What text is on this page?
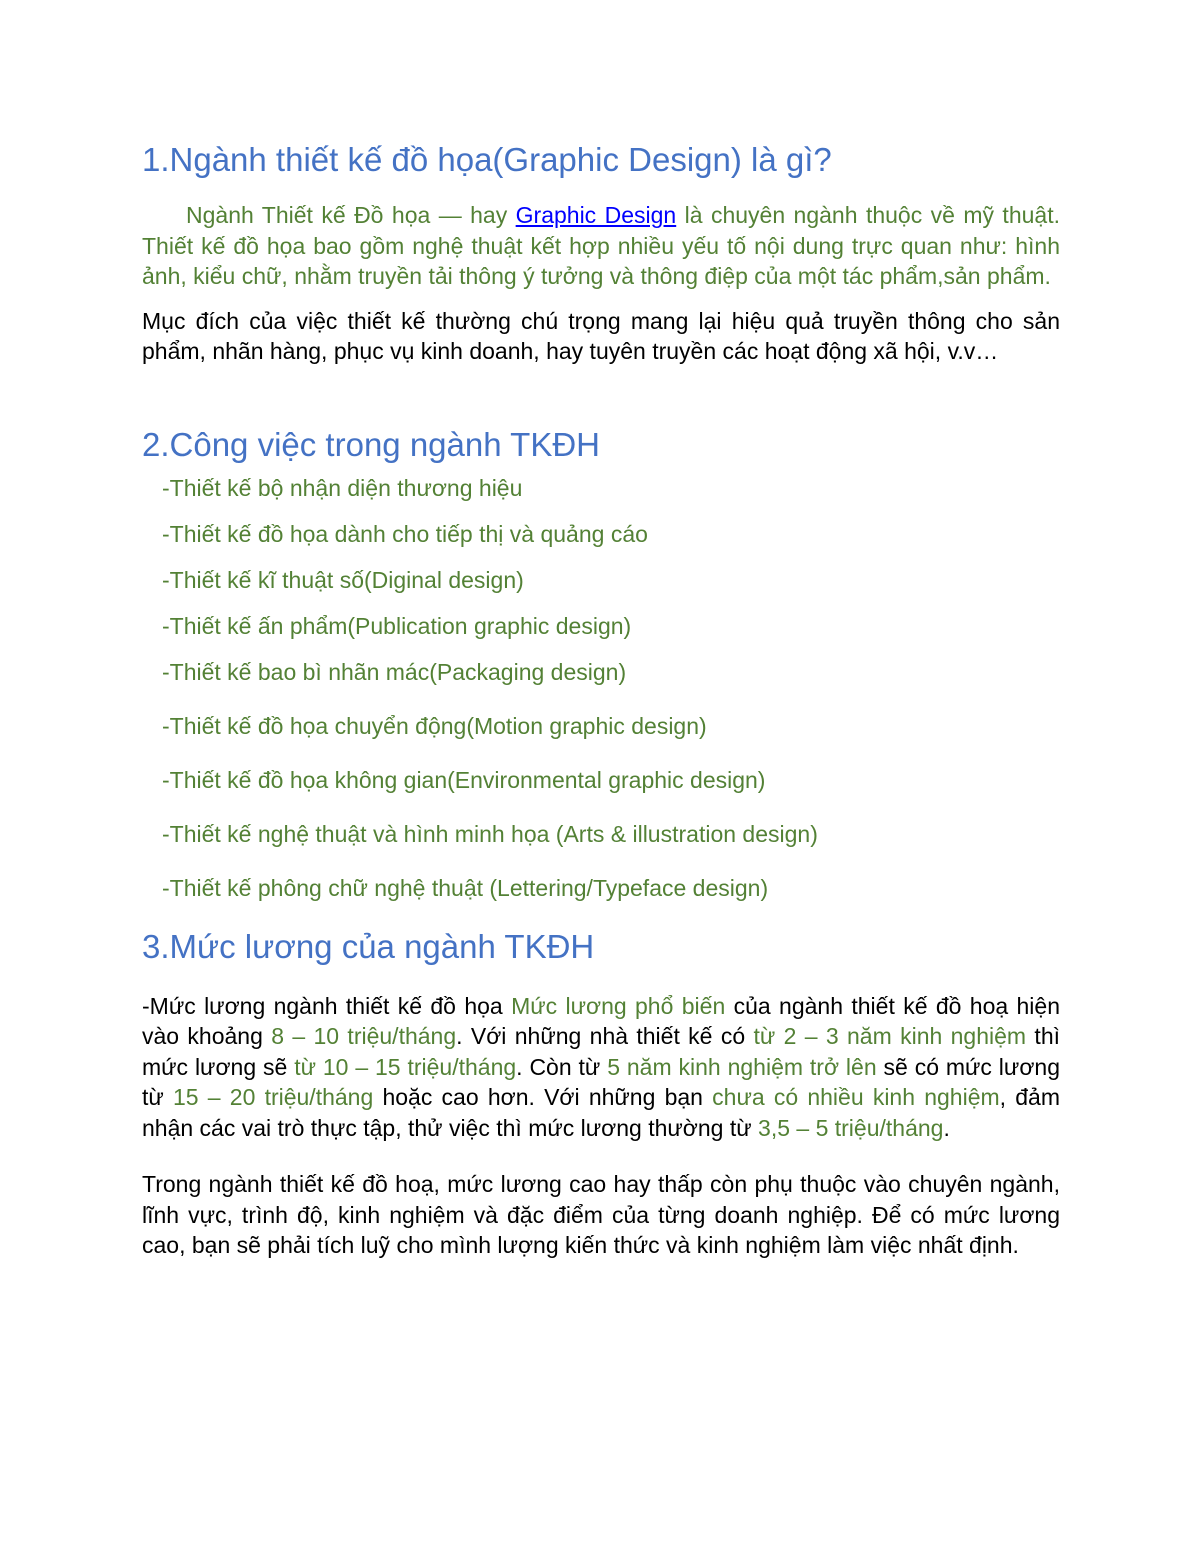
1.Ngành thiết kế đồ họa(Graphic Design) là gì?

Ngành Thiết kế Đồ họa — hay Graphic Design là chuyên ngành thuộc về mỹ thuật. Thiết kế đồ họa bao gồm nghệ thuật kết hợp nhiều yếu tố nội dung trực quan như: hình ảnh, kiểu chữ, nhằm truyền tải thông ý tưởng và thông điệp của một tác phẩm,sản phẩm.

Mục đích của việc thiết kế thường chú trọng mang lại hiệu quả truyền thông cho sản phẩm, nhãn hàng, phục vụ kinh doanh, hay tuyên truyền các hoạt động xã hội, v.v…

2.Công việc trong ngành TKĐH

-Thiết kế bộ nhận diện thương hiệu

-Thiết kế đồ họa dành cho tiếp thị và quảng cáo

-Thiết kế kĩ thuật số(Diginal design)

-Thiết kế ấn phẩm(Publication graphic design)

-Thiết kế bao bì nhãn mác(Packaging design)

-Thiết kế đồ họa chuyển động(Motion graphic design)

-Thiết kế đồ họa không gian(Environmental graphic design)

-Thiết kế nghệ thuật và hình minh họa (Arts & illustration design)

-Thiết kế phông chữ nghệ thuật (Lettering/Typeface design)

3.Mức lương của ngành TKĐH

-Mức lương ngành thiết kế đồ họa Mức lương phổ biến của ngành thiết kế đồ hoạ hiện vào khoảng 8 – 10 triệu/tháng. Với những nhà thiết kế có từ 2 – 3 năm kinh nghiệm thì mức lương sẽ từ 10 – 15 triệu/tháng. Còn từ 5 năm kinh nghiệm trở lên sẽ có mức lương từ 15 – 20 triệu/tháng hoặc cao hơn. Với những bạn chưa có nhiều kinh nghiệm, đảm nhận các vai trò thực tập, thử việc thì mức lương thường từ 3,5 – 5 triệu/tháng.

Trong ngành thiết kế đồ hoạ, mức lương cao hay thấp còn phụ thuộc vào chuyên ngành, lĩnh vực, trình độ, kinh nghiệm và đặc điểm của từng doanh nghiệp. Để có mức lương cao, bạn sẽ phải tích luỹ cho mình lượng kiến thức và kinh nghiệm làm việc nhất định.
